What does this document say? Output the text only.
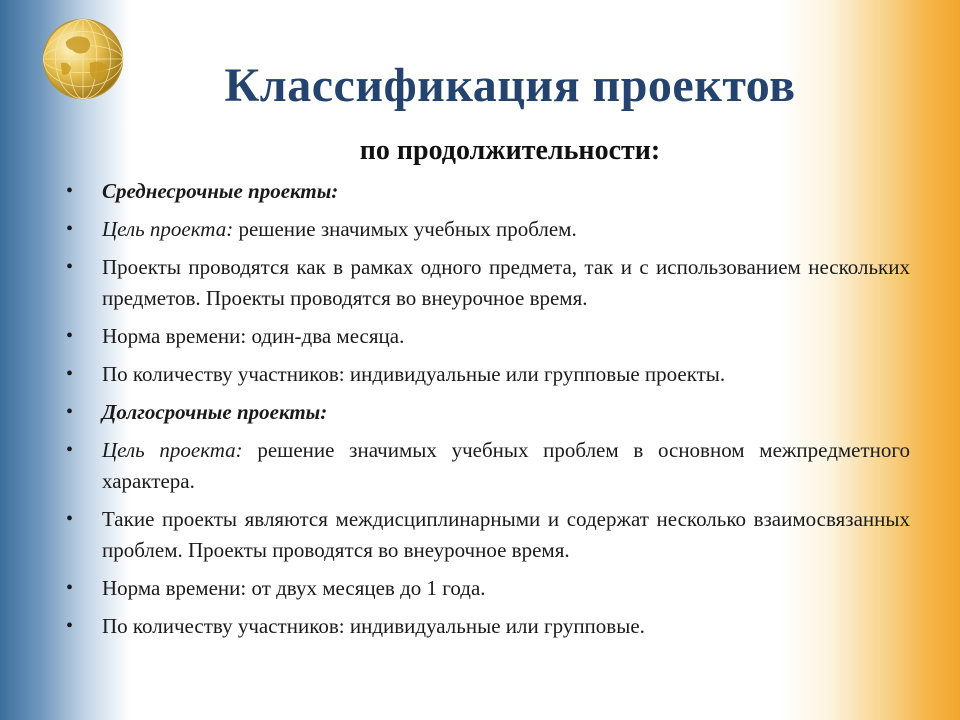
Классификация проектов
по продолжительности:
• Среднесрочные проекты:
• Цель проекта: решение значимых учебных проблем.
• Проекты проводятся как в рамках одного предмета, так и с использованием нескольких предметов. Проекты проводятся во внеурочное время.
• Норма времени: один-два месяца.
• По количеству участников: индивидуальные или групповые проекты.
• Долгосрочные проекты:
• Цель проекта: решение значимых учебных проблем в основном межпредметного характера.
• Такие проекты являются междисциплинарными и содержат несколько взаимосвязанных проблем. Проекты проводятся во внеурочное время.
• Норма времени: от двух месяцев до 1 года.
• По количеству участников: индивидуальные или групповые.
